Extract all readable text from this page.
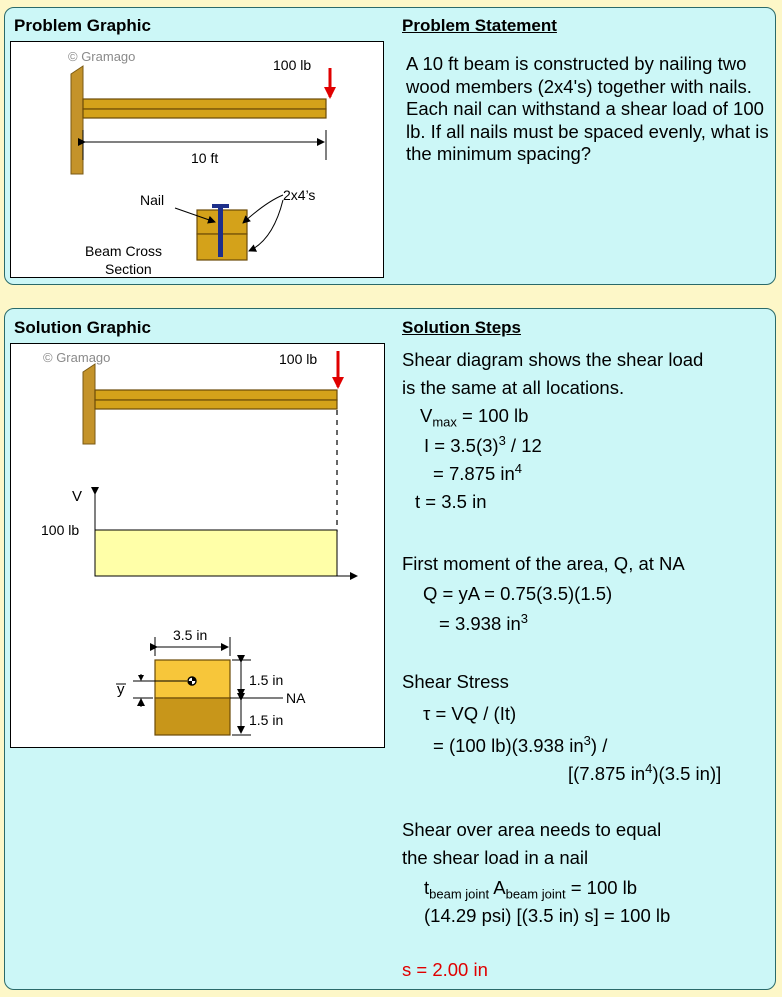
Problem Graphic
100 lb
© Gramago
10 ft
Nail	2x4’s
Beam Cross
Section
Problem Statement

A 10 ft beam is constructed by nailing two wood members (2x4's) together with nails. Each nail can withstand a shear load of 100 lb. If all nails must be spaced evenly, what is the minimum spacing?

Solution Graphic
© Gramago	100 lb
V
100 lb
3.5 in
y
1.5 in
1.5 in
NA
Solution Steps
Shear diagram shows the shear load
is the same at all locations.
$V_{max} = 100$ lb
$I = 3.5(3)^3 / 12$
= 7.875 $in^4$
t = 3.5 in
First moment of the area, Q, at NA
Q = yA = 0.75(3.5)(1.5)
= 3.938 $in^3$
Shear Stress
τ = VQ / (It)
= (100 lb)(3.938 $in^3$) /
[(7.875 $in^4)(3.5$ in)]
Shear over area needs to equal
the shear load in a nail
$t_{beam joint}$ $A_{beam joint} = 100$ lb
(14.29 psi) [(3.5 in) s] = 100 lb
s = 2.00 in
